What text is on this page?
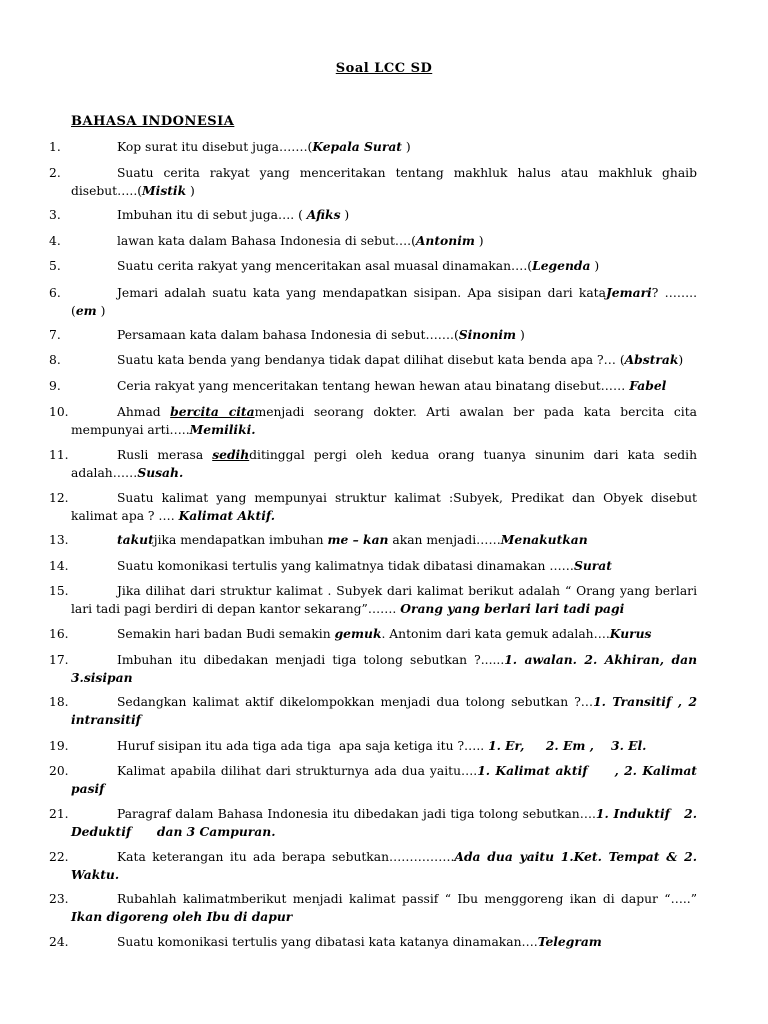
Soal LCC SD
BAHASA INDONESIA
1.	Kop surat itu disebut juga…….(Kepala Surat )
2.	Suatu cerita rakyat yang menceritakan tentang makhluk halus atau makhluk ghaib disebut…..(Mistik )
3.	Imbuhan itu di sebut juga…. ( Afiks )
4.	lawan kata dalam Bahasa Indonesia di sebut….(Antonim )
5.	Suatu cerita rakyat yang menceritakan asal muasal dinamakan….(Legenda )
6.	Jemari adalah suatu kata yang mendapatkan sisipan. Apa sisipan dari kataJemari? …….. (em )
7.	Persamaan kata dalam bahasa Indonesia di sebut…….(Sinonim )
8.	Suatu kata benda yang bendanya tidak dapat dilihat disebut kata benda apa ?… (Abstrak)
9.	Ceria rakyat yang menceritakan tentang hewan hewan atau binatang disebut…… Fabel
10.	Ahmad bercita citamenjadi seorang dokter. Arti awalan ber pada kata bercita cita mempunyai arti…..Memiliki.
11.	Rusli merasa sedihditinggal pergi oleh kedua orang tuanya sinunim dari kata sedih adalah……Susah.
12.	Suatu kalimat yang mempunyai struktur kalimat :Subyek, Predikat dan Obyek disebut kalimat apa ? …. Kalimat Aktif.
13.	takutjika mendapatkan imbuhan me – kan akan menjadi……Menakutkan
14.	Suatu komonikasi tertulis yang kalimatnya tidak dibatasi dinamakan ……Surat
15.	Jika dilihat dari struktur kalimat . Subyek dari kalimat berikut adalah “ Orang yang berlari lari tadi pagi berdiri di depan kantor sekarang”……. Orang yang berlari lari tadi pagi
16.	Semakin hari badan Budi semakin gemuk. Antonim dari kata gemuk adalah….Kurus
17.	Imbuhan itu dibedakan menjadi tiga tolong sebutkan ?......1. awalan. 2. Akhiran, dan 3.sisipan
18.	Sedangkan kalimat aktif dikelompokkan menjadi dua tolong sebutkan ?…1. Transitif , 2 intransitif
19.	Huruf sisipan itu ada tiga ada tiga  apa saja ketiga itu ?….. 1. Er,     2. Em ,    3. El.
20.	Kalimat apabila dilihat dari strukturnya ada dua yaitu….1. Kalimat aktif     , 2. Kalimat pasif
21.	Paragraf dalam Bahasa Indonesia itu dibedakan jadi tiga tolong sebutkan….1. Induktif   2. Deduktif      dan 3 Campuran.
22.	Kata keterangan itu ada berapa sebutkan…………….Ada dua yaitu 1.Ket. Tempat & 2. Waktu.
23.	Rubahlah kalimatmberikut menjadi kalimat passif “ Ibu menggoreng ikan di dapur “…..” Ikan digoreng oleh Ibu di dapur
24.	Suatu komonikasi tertulis yang dibatasi kata katanya dinamakan….Telegram
